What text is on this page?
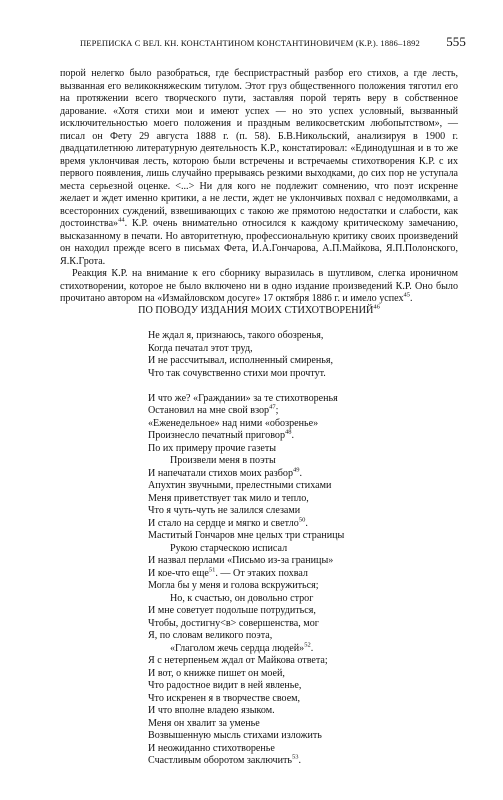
ПЕРЕПИСКА С ВЕЛ. КН. КОНСТАНТИНОМ КОНСТАНТИНОВИЧЕМ (К.Р.). 1886–1892 555

порой нелегко было разобраться, где беспристрастный разбор его стихов, а где лесть, вызванная его великокняжеским титулом. Этот груз общественного положения тяготил его на протяжении всего творческого пути, заставляя порой терять веру в собственное дарование. «Хотя стихи мои и имеют успех — но это успех условный, вызванный исключительностью моего положения и праздным великосветским любопытством», — писал он Фету 29 августа 1888 г. (п. 58). Б.В.Никольский, анализируя в 1900 г. двадцатилетнюю литературную деятельность К.Р., констатировал: «Единодушная и в то же время уклончивая лесть, которою были встречены и встречаемы стихотворения К.Р. с их первого появления, лишь случайно прерываясь резкими выходками, до сих пор не уступала места серьезной оценке. <...> Ни для кого не подлежит сомнению, что поэт искренне желает и ждет именно критики, а не лести, ждет не уклончивых похвал с недомолвками, а всесторонних суждений, взвешивающих с такою же прямотою недостатки и слабости, как достоинства»$^{44}$. К.Р. очень внимательно относился к каждому критическому замечанию, высказанному в печати. Но авторитетную, профессиональную критику своих произведений он находил прежде всего в письмах Фета, И.А.Гончарова, А.П.Майкова, Я.П.Полонского, Я.К.Грота.

Реакция К.Р. на внимание к его сборнику выразилась в шутливом, слегка ироничном стихотворении, которое не было включено ни в одно издание произведений К.Р. Оно было прочитано автором на «Измайловском досуге» 17 октября 1886 г. и имело успех$^{45}$.

ПО ПОВОДУ ИЗДАНИЯ МОИХ СТИХОТВОРЕНИЙ$^{46}$
Не ждал я, признаюсь, такого обозренья,
Когда печатал этот труд,
И не рассчитывал, исполненный смиренья,
Что так сочувственно стихи мои прочтут.
И что же? «Граждании» за те стихотворенья
Остановил на мне свой взор$^{47}$;
«Еженедельное» над ними «обозренье»
Произнесло печатный приговор$^{48}$.
По их примеру прочие газеты
Произвели меня в поэты
И напечатали стихов моих разбор$^{49}$.
Апухтин звучными, прелестными стихами
Меня приветствует так мило и тепло,
Что я чуть-чуть не залился слезами
И стало на сердце и мягко и светло$^{50}$.
Маститый Гончаров мне целых три страницы
Рукою старческою исписал
И назвал перлами «Письмо из-за границы»
И кое-что еще$^{51}$. — От этаких похвал
Могла бы у меня и голова вскружиться;
Но, к счастью, он довольно строг
И мне советует подольше потрудиться,
Чтобы, достигну<в> совершенства, мог
Я, по словам великого поэта,
«Глаголом жечь сердца людей»$^{52}$.
Я с нетерпеньем ждал от Майкова ответа;
И вот, о книжке пишет он моей,
Что радостное видит в ней явленье,
Что искренен я в творчестве своем,
И что вполне владею языком.
Меня он хвалит за уменье
Возвышенную мысль стихами изложить
И неожиданно стихотворенье
Счастливым оборотом заключить$^{53}$.
